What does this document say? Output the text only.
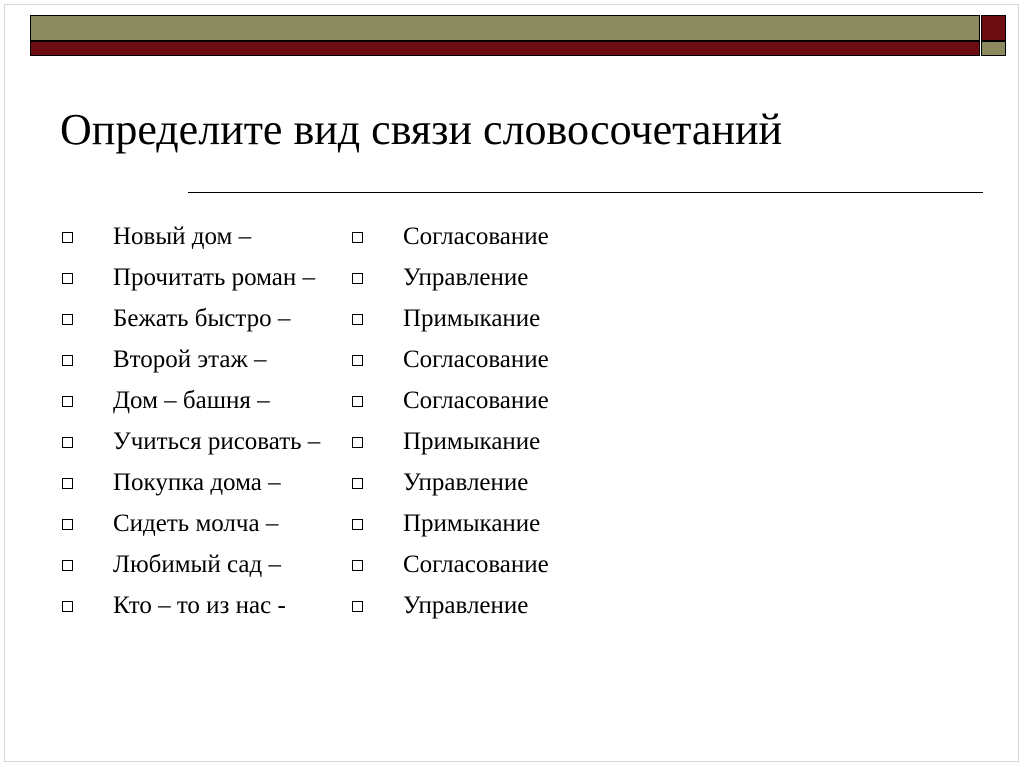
Определите вид связи словосочетаний
Новый дом –
Прочитать роман –
Бежать быстро –
Второй этаж –
Дом – башня –
Учиться рисовать –
Покупка дома –
Сидеть молча –
Любимый сад –
Кто – то из нас -
Согласование
Управление
Примыкание
Согласование
Согласование
Примыкание
Управление
Примыкание
Согласование
Управление
